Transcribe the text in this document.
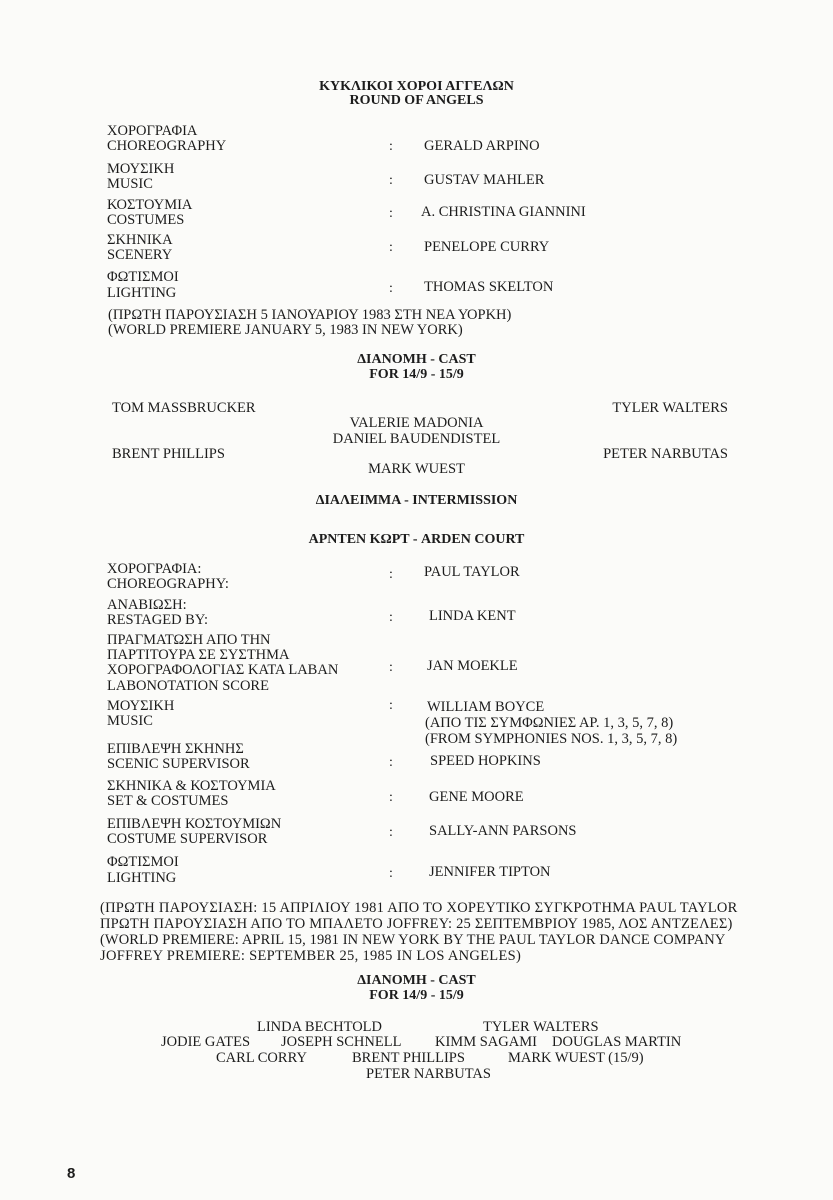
ΚΥΚΛΙΚΟΙ ΧΟΡΟΙ ΑΓΓΕΛΩΝ
ROUND OF ANGELS
ΧΟΡΟΓΡΑΦΙΑ
CHOREOGRAPHY	: GERALD ARPINO
ΜΟΥΣΙΚΗ
MUSIC	: GUSTAV MAHLER
ΚΟΣΤΟΥΜΙΑ
COSTUMES	: A. CHRISTINA GIANNINI
ΣΚΗΝΙΚΑ
SCENERY	: PENELOPE CURRY
ΦΩΤΙΣΜΟΙ
LIGHTING	: THOMAS SKELTON
(ΠΡΩΤΗ ΠΑΡΟΥΣΙΑΣΗ 5 ΙΑΝΟΥΑΡΙΟΥ 1983 ΣΤΗ ΝΕΑ ΥΟΡΚΗ)
(WORLD PREMIERE JANUARY 5, 1983 IN NEW YORK)
ΔΙΑΝΟΜΗ - CAST
FOR 14/9 - 15/9
TOM MASSBRUCKER
BRENT PHILLIPS
VALERIE MADONIA
DANIEL BAUDENDISTEL
MARK WUEST
TYLER WALTERS
PETER NARBUTAS
ΔΙΑΛΕΙΜΜΑ - INTERMISSION
ΑΡΝΤΕΝ ΚΩΡΤ - ARDEN COURT
ΧΟΡΟΓΡΑΦΙΑ:
CHOREOGRAPHY:
: PAUL TAYLOR
ΑΝΑΒΙΩΣΗ:
RESTAGED BY:	: LINDA KENT
ΠΡΑΓΜΑΤΩΣΗ ΑΠΟ ΤΗΝ
ΠΑΡΤΙΤΟΥΡΑ ΣΕ ΣΥΣΤΗΜΑ
ΧΟΡΟΓΡΑΦΟΛΟΓΙΑΣ ΚΑΤΑ LABAN
LABONOTATION SCORE
: JAN MOEKLE
ΜΟΥΣΙΚΗ
MUSIC
: WILLIAM BOYCE
(ΑΠΟ ΤΙΣ ΣΥΜΦΩΝΙΕΣ ΑΡ. 1, 3, 5, 7, 8)
(FROM SYMPHONIES NOS. 1, 3, 5, 7, 8)
ΕΠΙΒΛΕΨΗ ΣΚΗΝΗΣ
SCENIC SUPERVISOR	:	SPEED HOPKINS
ΣΚΗΝΙΚΑ & ΚΟΣΤΟΥΜΙΑ
SET & COSTUMES	: GENE MOORE
ΕΠΙΒΛΕΨΗ ΚΟΣΤΟΥΜΙΩΝ
COSTUME SUPERVISOR	: SALLY-ANN PARSONS
ΦΩΤΙΣΜΟΙ
LIGHTING	: JENNIFER TIPTON
(ΠΡΩΤΗ ΠΑΡΟΥΣΙΑΣΗ: 15 ΑΠΡΙΛΙΟΥ 1981 ΑΠΟ ΤΟ ΧΟΡΕΥΤΙΚΟ ΣΥΓΚΡΟΤΗΜΑ PAUL TAYLOR
ΠΡΩΤΗ ΠΑΡΟΥΣΙΑΣΗ ΑΠΟ ΤΟ ΜΠΑΛΕΤΟ JOFFREY: 25 ΣΕΠΤΕΜΒΡΙΟΥ 1985, ΛΟΣ ΑΝΤΖΕΛΕΣ)
(WORLD PREMIERE: APRIL 15, 1981 IN NEW YORK BY THE PAUL TAYLOR DANCE COMPANY
JOFFREY PREMIERE: SEPTEMBER 25, 1985 IN LOS ANGELES)
ΔΙΑΝΟΜΗ - CAST
FOR 14/9 - 15/9
LINDA BECHTOLD	TYLER WALTERS
JODIE GATES JOSEPH SCHNELL KIMM SAGAMI DOUGLAS MARTIN
CARL CORRY	BRENT PHILLIPS	MARK WUEST (15/9)
PETER NARBUTAS
8
